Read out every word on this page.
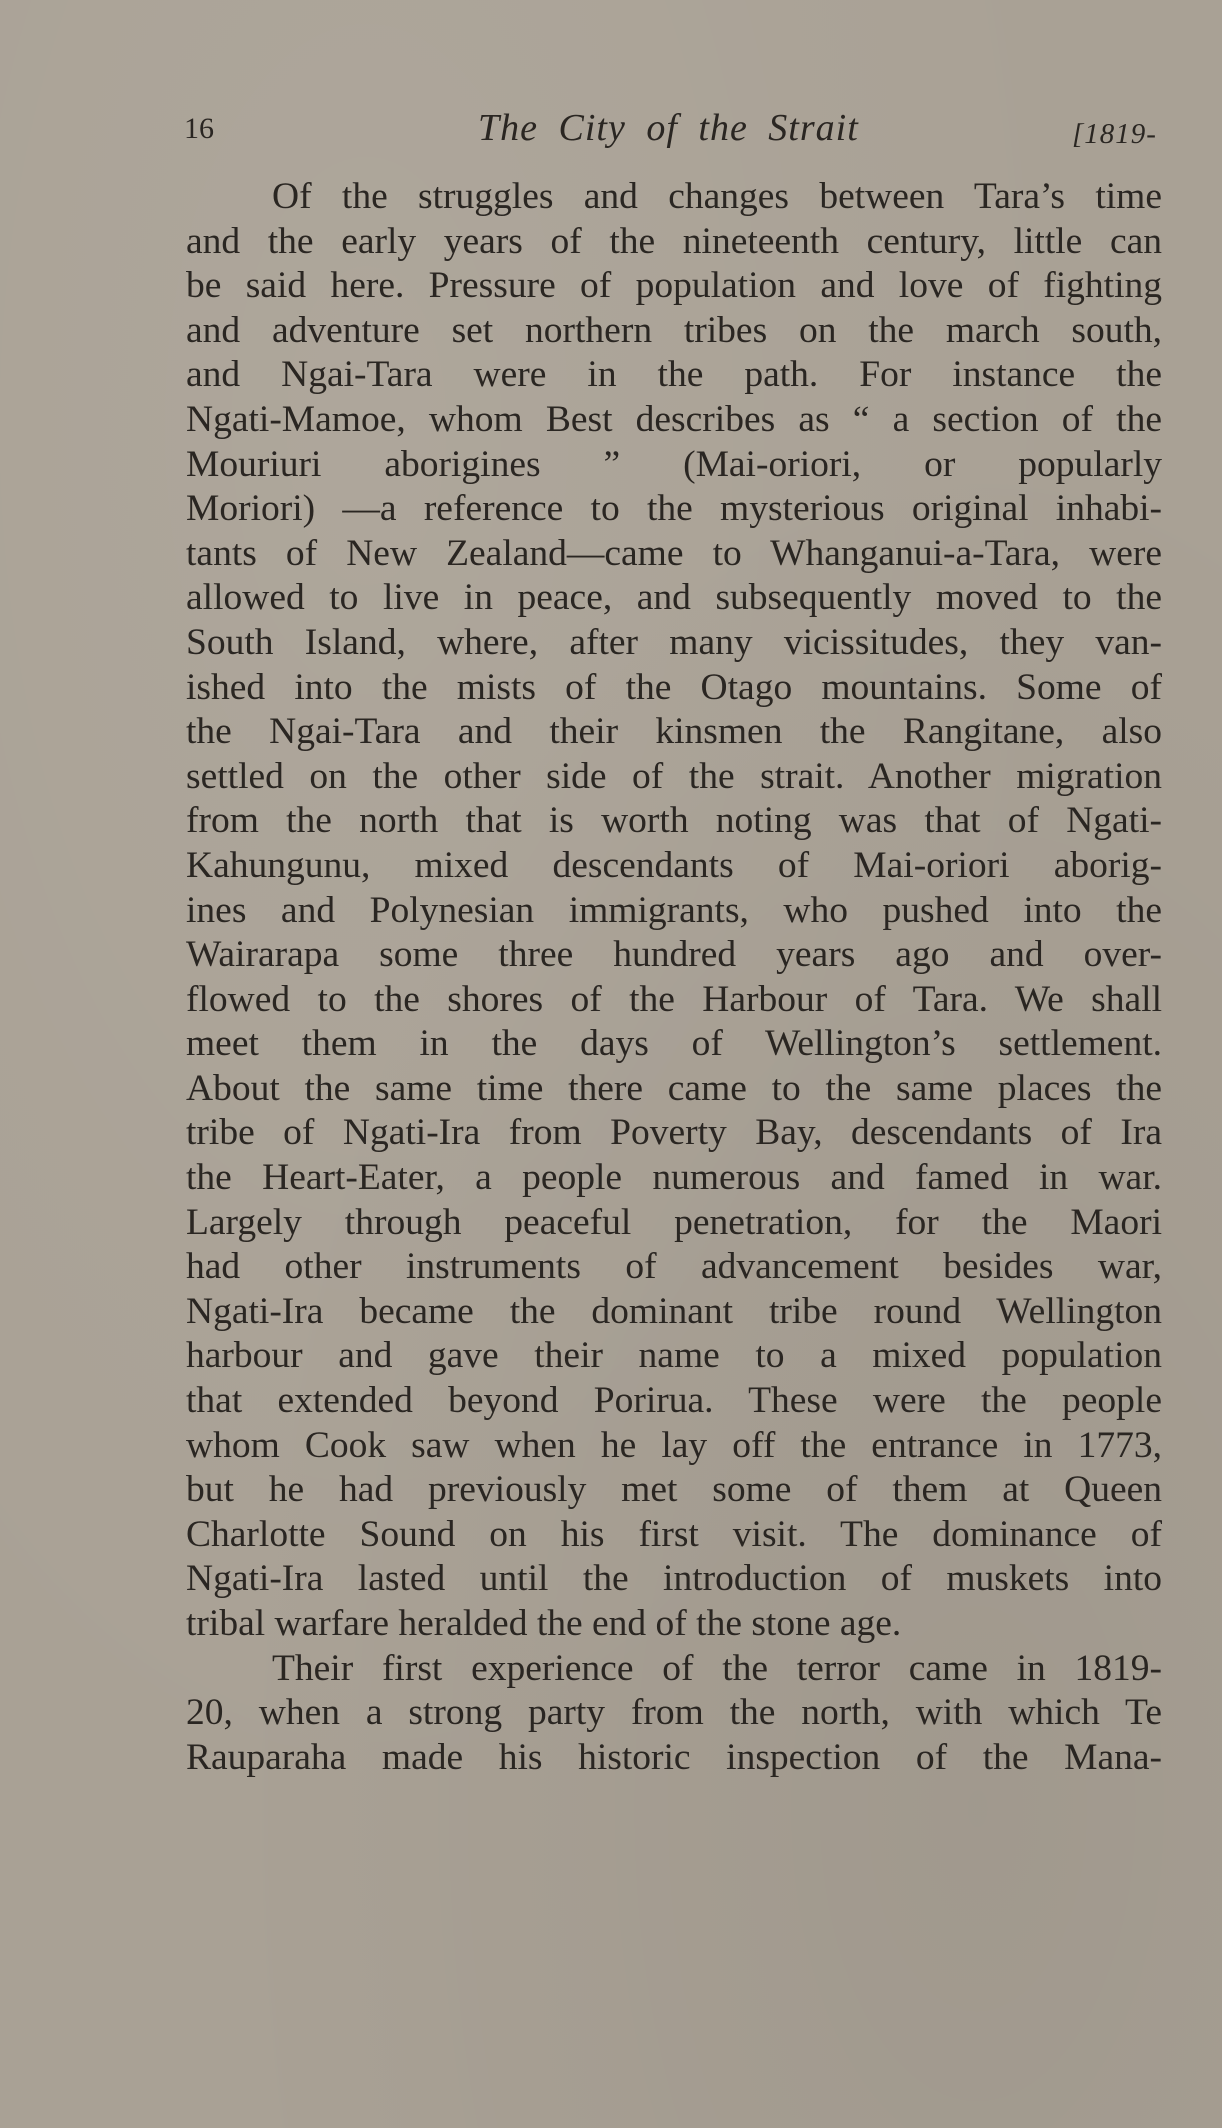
16	The City of the Strait	[1819-
Of the struggles and changes between Tara’s time
and the early years of the nineteenth century, little can
be said here. Pressure of population and love of fighting
and adventure set northern tribes on the march south,
and Ngai-Tara were in the path. For instance the
Ngati-Mamoe, whom Best describes as “ a section of the
Mouriuri aborigines ” (Mai-oriori, or popularly
Moriori) —a reference to the mysterious original inhabi-
tants of New Zealand—came to Whanganui-a-Tara, were
allowed to live in peace, and subsequently moved to the
South Island, where, after many vicissitudes, they van-
ished into the mists of the Otago mountains. Some of
the Ngai-Tara and their kinsmen the Rangitane, also
settled on the other side of the strait. Another migration
from the north that is worth noting was that of Ngati-
Kahungunu, mixed descendants of Mai-oriori aborig-
ines and Polynesian immigrants, who pushed into the
Wairarapa some three hundred years ago and over-
flowed to the shores of the Harbour of Tara. We shall
meet them in the days of Wellington’s settlement.
About the same time there came to the same places the
tribe of Ngati-Ira from Poverty Bay, descendants of Ira
the Heart-Eater, a people numerous and famed in war.
Largely through peaceful penetration, for the Maori
had other instruments of advancement besides war,
Ngati-Ira became the dominant tribe round Wellington
harbour and gave their name to a mixed population
that extended beyond Porirua. These were the people
whom Cook saw when he lay off the entrance in 1773,
but he had previously met some of them at Queen
Charlotte Sound on his first visit. The dominance of
Ngati-Ira lasted until the introduction of muskets into
tribal warfare heralded the end of the stone age.
Their first experience of the terror came in 1819-
20, when a strong party from the north, with which Te
Rauparaha made his historic inspection of the Mana-
